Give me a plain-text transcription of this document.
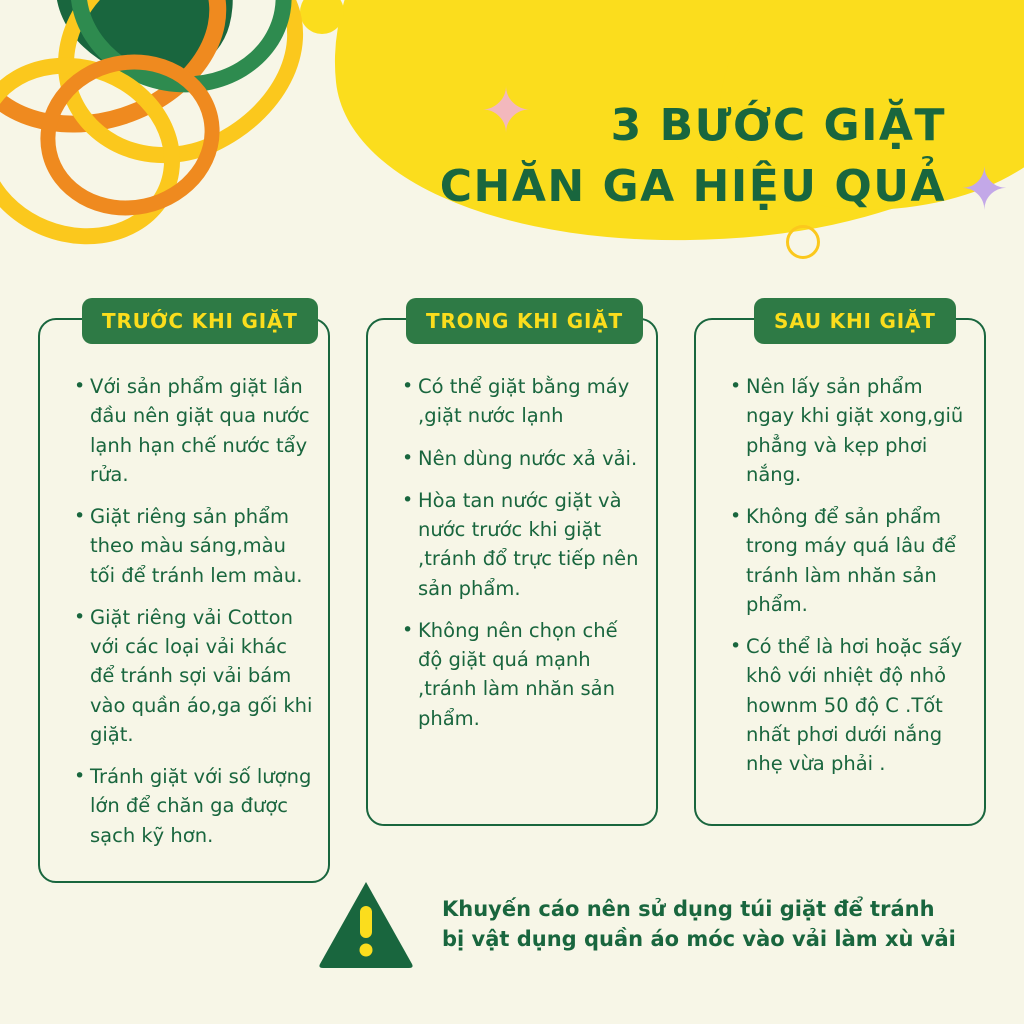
✦
✦
3 BƯỚC GIẶT
CHĂN GA HIỆU QUẢ
TRƯỚC KHI GIẶT
• Với sản phẩm giặt lần đầu nên giặt qua nước lạnh hạn chế nước tẩy rửa.
• Giặt riêng sản phẩm theo màu sáng,màu tối để tránh lem màu.
• Giặt riêng vải Cotton với các loại vải khác để tránh sợi vải bám vào quần áo,ga gối khi giặt.
• Tránh giặt với số lượng lớn để chăn ga được sạch kỹ hơn.
TRONG KHI GIẶT
• Có thể giặt bằng máy ,giặt nước lạnh
• Nên dùng nước xả vải.
• Hòa tan nước giặt và nước trước khi giặt ,tránh đổ trực tiếp nên sản phẩm.
• Không nên chọn chế độ giặt quá mạnh ,tránh làm nhăn sản phẩm.
SAU KHI GIẶT
• Nên lấy sản phẩm ngay khi giặt xong,giũ phẳng và kẹp phơi nắng.
• Không để sản phẩm trong máy quá lâu để tránh làm nhăn sản phẩm.
• Có thể là hơi hoặc sấy khô với nhiệt độ nhỏ hownm 50 độ C .Tốt nhất phơi dưới nắng nhẹ vừa phải .
Khuyến cáo nên sử dụng túi giặt để tránh
bị vật dụng quần áo móc vào vải làm xù vải
